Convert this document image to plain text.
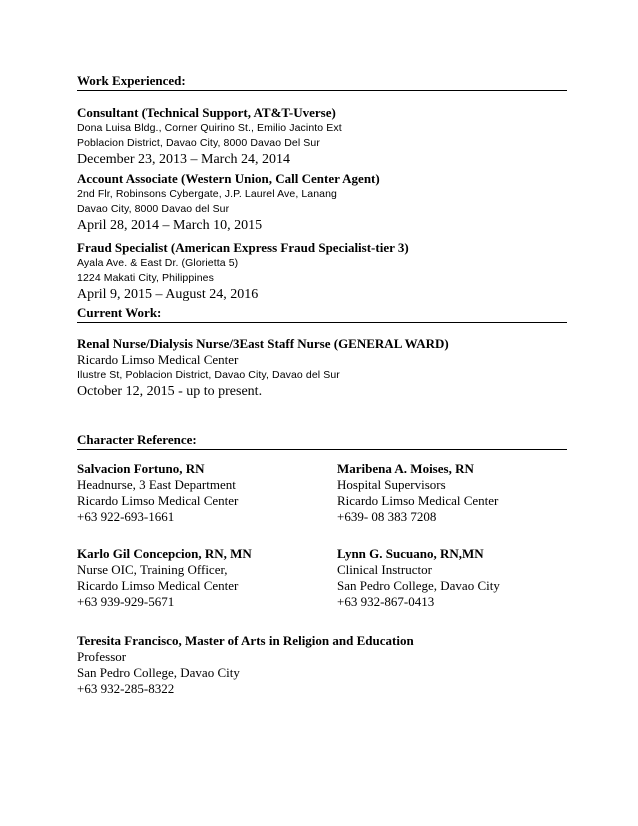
Work Experienced:
Consultant (Technical Support, AT&T-Uverse)
Dona Luisa Bldg., Corner Quirino St., Emilio Jacinto Ext
Poblacion District, Davao City, 8000 Davao Del Sur
December 23, 2013 – March 24, 2014
Account Associate (Western Union, Call Center Agent)
2nd Flr, Robinsons Cybergate, J.P. Laurel Ave, Lanang
Davao City, 8000 Davao del Sur
April 28, 2014 – March 10, 2015
Fraud Specialist (American Express Fraud Specialist-tier 3)
Ayala Ave. & East Dr. (Glorietta 5)
1224 Makati City, Philippines
April 9, 2015 – August 24, 2016
Current Work:
Renal Nurse/Dialysis Nurse/3East Staff Nurse (GENERAL WARD)
Ricardo Limso Medical Center
Ilustre St, Poblacion District, Davao City, Davao del Sur
October 12, 2015 - up to present.
Character Reference:
Salvacion Fortuno, RN
Headnurse, 3 East Department
Ricardo Limso Medical Center
+63 922-693-1661
Maribena A. Moises, RN
Hospital Supervisors
Ricardo Limso Medical Center
+639- 08 383 7208
Karlo Gil Concepcion, RN, MN
Nurse OIC, Training Officer,
Ricardo Limso Medical Center
+63 939-929-5671
Lynn G. Sucuano, RN,MN
Clinical Instructor
San Pedro College, Davao City
+63 932-867-0413
Teresita Francisco, Master of Arts in Religion and Education
Professor
San Pedro College, Davao City
+63 932-285-8322
